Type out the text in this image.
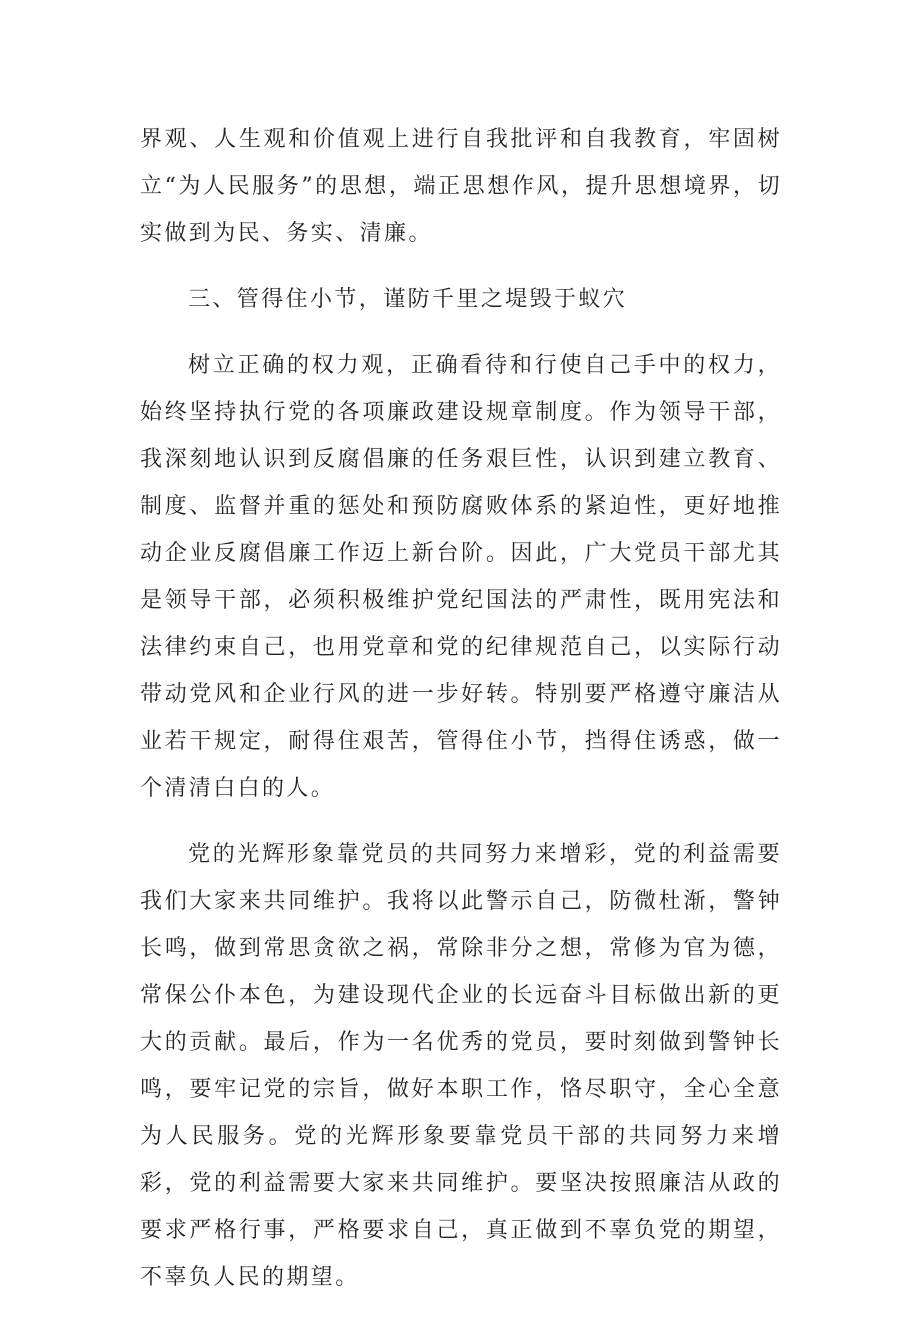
界观、人生观和价值观上进行自我批评和自我教育，牢固树立“为人民服务”的思想，端正思想作风，提升思想境界，切实做到为民、务实、清廉。

三、管得住小节，谨防千里之堤毁于蚁穴

树立正确的权力观，正确看待和行使自己手中的权力，始终坚持执行党的各项廉政建设规章制度。作为领导干部，我深刻地认识到反腐倡廉的任务艰巨性，认识到建立教育、制度、监督并重的惩处和预防腐败体系的紧迫性，更好地推动企业反腐倡廉工作迈上新台阶。因此，广大党员干部尤其是领导干部，必须积极维护党纪国法的严肃性，既用宪法和法律约束自己，也用党章和党的纪律规范自己，以实际行动带动党风和企业行风的进一步好转。特别要严格遵守廉洁从业若干规定，耐得住艰苦，管得住小节，挡得住诱惑，做一个清清白白的人。

党的光辉形象靠党员的共同努力来增彩，党的利益需要我们大家来共同维护。我将以此警示自己，防微杜渐，警钟长鸣，做到常思贪欲之祸，常除非分之想，常修为官为德，常保公仆本色，为建设现代企业的长远奋斗目标做出新的更大的贡献。最后，作为一名优秀的党员，要时刻做到警钟长鸣，要牢记党的宗旨，做好本职工作，恪尽职守，全心全意为人民服务。党的光辉形象要靠党员干部的共同努力来增彩，党的利益需要大家来共同维护。要坚决按照廉洁从政的要求严格行事，严格要求自己，真正做到不辜负党的期望，不辜负人民的期望。
